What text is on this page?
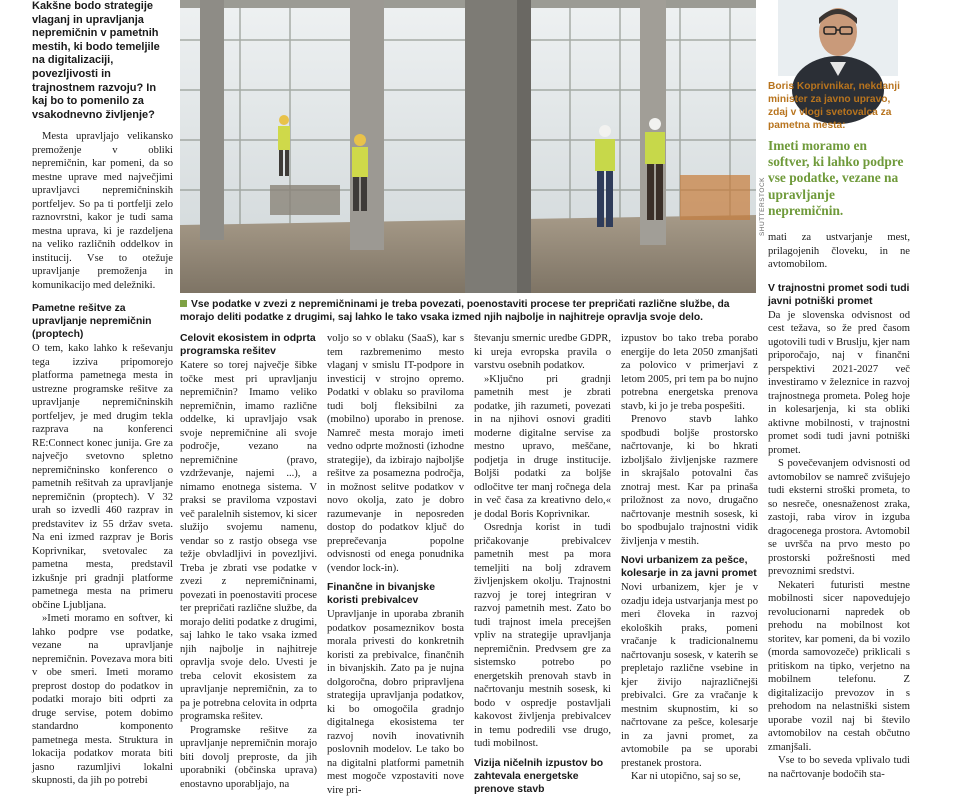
Kakšne bodo strategije vlaganj in upravljanja nepremičnin v pametnih mestih, ki bodo temeljile na digitalizaciji, povezljivosti in trajnostnem razvoju? In kaj bo to pomenilo za vsakodnevno življenje?

Mesta upravljajo velikansko premoženje v obliki nepremičnin, kar pomeni, da so mestne uprave med največjimi upravljavci nepremičninskih portfeljev. So pa ti portfelji zelo raznovrstni, kakor je tudi sama mestna uprava, ki je razdeljena na veliko različnih oddelkov in institucij. Vse to otežuje upravljanje premoženja in komunikacijo med deležniki.

Pametne rešitve za upravljanje nepremičnin (proptech)

O tem, kako lahko k reševanju tega izziva pripomorejo platforma pametnega mesta in ustrezne programske rešitve za upravljanje nepremičninskih portfeljev, je med drugim tekla razprava na konferenci RE:Connect konec junija. Gre za največjo svetovno spletno nepremičninsko konferenco o pametnih rešitvah za upravljanje nepremičnin (proptech). V 32 urah so izvedli 460 razprav in predstavitev iz 55 držav sveta. Na eni izmed razprav je Boris Koprivnikar, svetovalec za pametna mesta, predstavil izkušnje pri gradnji platforme pametnega mesta na primeru občine Ljubljana.

»Imeti moramo en softver, ki lahko podpre vse podatke, vezane na upravljanje nepremičnin. Povezava mora biti v obe smeri. Imeti moramo preprost dostop do podatkov in podatki morajo biti odprti za druge servise, potem dobimo standardno komponento pametnega mesta. Struktura in lokacija podatkov morata biti jasno razumljivi lokalni skupnosti, da jih po potrebi

SHUTTERSTOCK
Vse podatke v zvezi z nepremičninami je treba povezati, poenostaviti procese ter prepričati različne službe, da morajo deliti podatke z drugimi, saj lahko le tako vsaka izmed njih najbolje in najhitreje opravlja svoje delo.
Celovit ekosistem in odprta programska rešitev

Katere so torej največje šibke točke mest pri upravljanju nepremičnin? Imamo veliko nepremičnin, imamo različne oddelke, ki upravljajo vsak svoje nepremičnine ali svoje področje, vezano na nepremičnine (pravo, vzdrževanje, najemi ...), a nimamo enotnega sistema. V praksi se praviloma vzpostavi več paralelnih sistemov, ki sicer služijo svojemu namenu, vendar so z rastjo obsega vse težje obvladljivi in povezljivi. Treba je zbrati vse podatke v zvezi z nepremičninami, povezati in poenostaviti procese ter prepričati različne službe, da morajo deliti podatke z drugimi, saj lahko le tako vsaka izmed njih najbolje in najhitreje opravlja svoje delo. Uvesti je treba celovit ekosistem za upravljanje nepremičnin, za to pa je potrebna celovita in odprta programska rešitev.

Programske rešitve za upravljanje nepremičnin morajo biti dovolj preproste, da jih uporabniki (občinska uprava) enostavno uporabljajo, na

voljo so v oblaku (SaaS), kar s tem razbremenimo mesto vlaganj v smislu IT-podpore in investicij v strojno opremo. Podatki v oblaku so praviloma tudi bolj fleksibilni za (mobilno) uporabo in prenose. Namreč mesta morajo imeti vedno odprte možnosti (izhodne strategije), da izbirajo najboljše rešitve za posamezna področja, in možnost selitve podatkov v novo okolja, zato je dobro razumevanje in neposreden dostop do podatkov ključ do preprečevanja popolne odvisnosti od enega ponudnika (vendor lock-in).

Finančne in bivanjske koristi prebivalcev

Upravljanje in uporaba zbranih podatkov posameznikov bosta morala privesti do konkretnih koristi za prebivalce, finančnih in bivanjskih. Zato pa je nujna dolgoročna, dobro pripravljena strategija upravljanja podatkov, ki bo omogočila gradnjo digitalnega ekosistema ter razvoj novih inovativnih poslovnih modelov. Le tako bo na digitalni platformi pametnih mest mogoče vzpostaviti nove vire pri-

števanju smernic uredbe GDPR, ki ureja evropska pravila o varstvu osebnih podatkov.

»Ključno pri gradnji pametnih mest je zbrati podatke, jih razumeti, povezati in na njihovi osnovi graditi moderne digitalne servise za mestno upravo, meščane, podjetja in druge institucije. Boljši podatki za boljše odločitve ter manj ročnega dela in več časa za kreativno delo,« je dodal Boris Koprivnikar.

Osrednja korist in tudi pričakovanje prebivalcev pametnih mest pa mora temeljiti na bolj zdravem življenjskem okolju. Trajnostni razvoj je torej integriran v razvoj pametnih mest. Zato bo tudi trajnost imela precejšen vpliv na strategije upravljanja nepremičnin. Predvsem gre za sistemsko potrebo po energetskih prenovah stavb in načrtovanju mestnih sosesk, ki bodo v ospredje postavljali kakovost življenja prebivalcev in temu podredili vse drugo, tudi mobilnost.

Vizija ničelnih izpustov bo zahtevala energetske prenove stavb

izpustov bo tako treba porabo energije do leta 2050 zmanjšati za polovico v primerjavi z letom 2005, pri tem pa bo nujno potrebna energetska prenova stavb, ki jo je treba pospešiti.

Prenovo stavb lahko spodbudi boljše prostorsko načrtovanje, ki bo hkrati izboljšalo življenjske razmere in skrajšalo potovalni čas znotraj mest. Kar pa prinaša priložnost za novo, drugačno načrtovanje mestnih sosesk, ki bo spodbujalo trajnostni vidik življenja v mestih.

Novi urbanizem za pešce, kolesarje in za javni promet

Novi urbanizem, kjer je v ozadju ideja ustvarjanja mest po meri človeka in razvoj ekoloških praks, pomeni vračanje k tradicionalnemu načrtovanju sosesk, v katerih se prepletajo različne vsebine in kjer živijo najrazličnejši prebivalci. Gre za vračanje k mestnim skupnostim, ki so načrtovane za pešce, kolesarje in za javni promet, za avtomobile pa se uporabi prestanek prostora.

Kar ni utopično, saj so se,

Boris Koprivnikar, nekdanji minister za javno upravo, zdaj v vlogi svetovalca za pametna mesta:
Imeti moramo en softver, ki lahko podpre vse podatke, vezane na upravljanje nepremičnin.

mati za ustvarjanje mest, prilagojenih človeku, in ne avtomobilom.

V trajnostni promet sodi tudi javni potniški promet

Da je slovenska odvisnost od cest težava, so že pred časom ugotovili tudi v Bruslju, kjer nam priporočajo, naj v finančni perspektivi 2021-2027 več investiramo v železnice in razvoj trajnostnega prometa. Poleg hoje in kolesarjenja, ki sta obliki aktivne mobilnosti, v trajnostni promet sodi tudi javni potniški promet.

S povečevanjem odvisnosti od avtomobilov se namreč zvišujejo tudi eksterni stroški prometa, to so nesreče, onesnaženost zraka, zastoji, raba virov in izguba dragocenega prostora. Avtomobil se uvršča na prvo mesto po prostorski požrešnosti med prevoznimi sredstvi.

Nekateri futuristi mestne mobilnosti sicer napovedujejo revolucionarni napredek ob prehodu na mobilnost kot storitev, kar pomeni, da bi vozilo (morda samovozeče) priklicali s pritiskom na tipko, verjetno na mobilnem telefonu. Z digitalizacijo prevozov in s prehodom na nelastniški sistem uporabe vozil naj bi število avtomobilov na cestah občutno zmanjšali.

Vse to bo seveda vplivalo tudi na načrtovanje bodočih sta-
